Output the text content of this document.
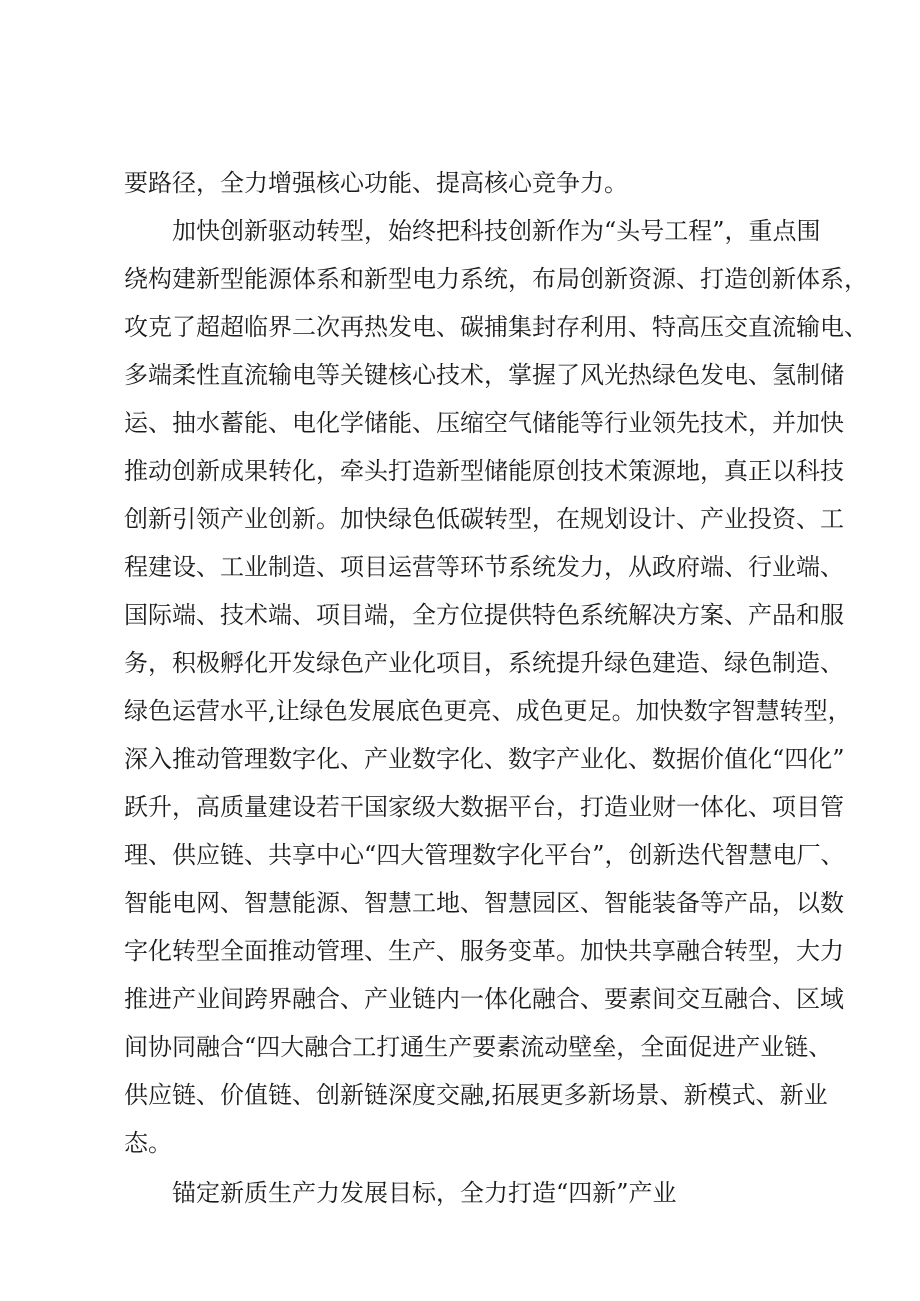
要路径，全力增强核心功能、提高核心竞争力。
加快创新驱动转型，始终把科技创新作为“头号工程”，重点围
绕构建新型能源体系和新型电力系统，布局创新资源、打造创新体系，
攻克了超超临界二次再热发电、碳捕集封存利用、特高压交直流输电、
多端柔性直流输电等关键核心技术，掌握了风光热绿色发电、氢制储
运、抽水蓄能、电化学储能、压缩空气储能等行业领先技术，并加快
推动创新成果转化，牵头打造新型储能原创技术策源地，真正以科技
创新引领产业创新。加快绿色低碳转型，在规划设计、产业投资、工
程建设、工业制造、项目运营等环节系统发力，从政府端、行业端、
国际端、技术端、项目端，全方位提供特色系统解决方案、产品和服
务，积极孵化开发绿色产业化项目，系统提升绿色建造、绿色制造、
绿色运营水平,让绿色发展底色更亮、成色更足。加快数字智慧转型，
深入推动管理数字化、产业数字化、数字产业化、数据价值化“四化”
跃升，高质量建设若干国家级大数据平台，打造业财一体化、项目管
理、供应链、共享中心“四大管理数字化平台”，创新迭代智慧电厂、
智能电网、智慧能源、智慧工地、智慧园区、智能装备等产品，以数
字化转型全面推动管理、生产、服务变革。加快共享融合转型，大力
推进产业间跨界融合、产业链内一体化融合、要素间交互融合、区域
间协同融合“四大融合工打通生产要素流动壁垒，全面促进产业链、
供应链、价值链、创新链深度交融,拓展更多新场景、新模式、新业
态。
锚定新质生产力发展目标，全力打造“四新”产业
